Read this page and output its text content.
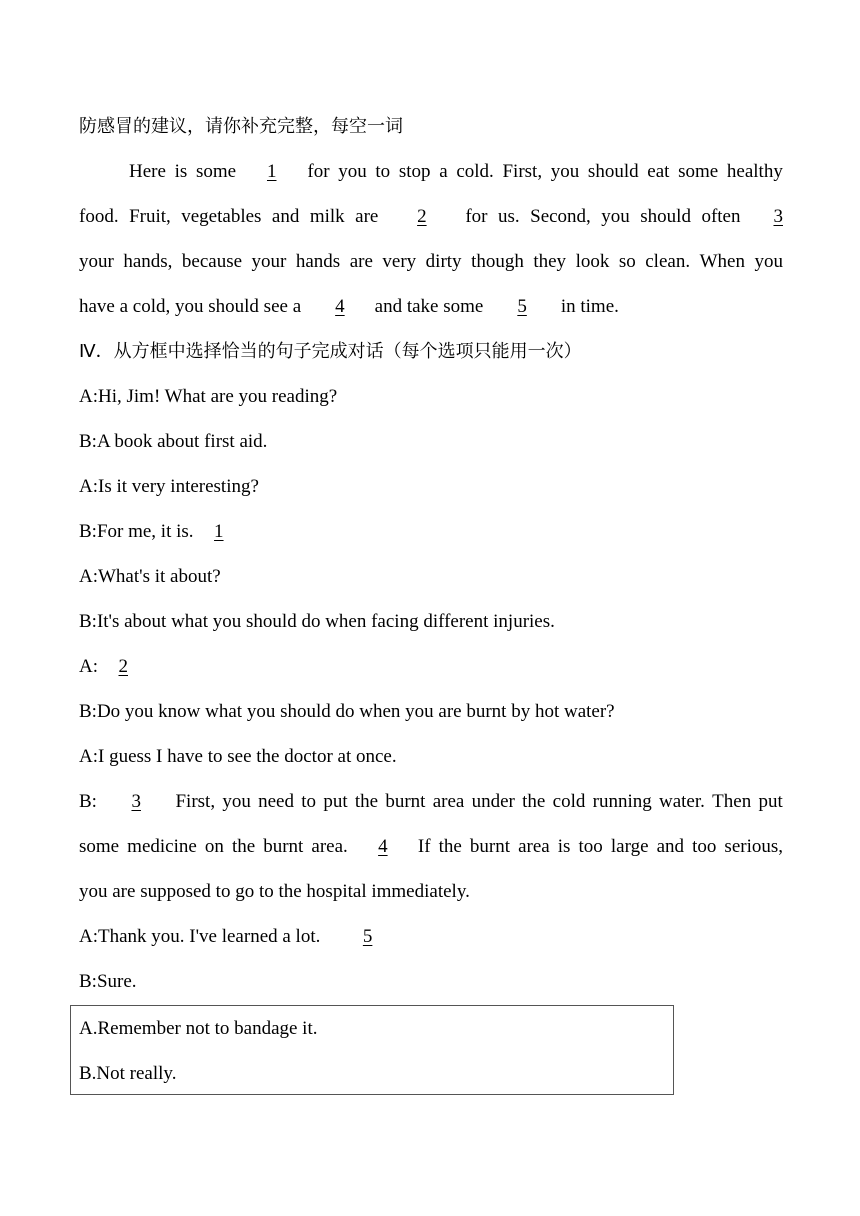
防感冒的建议，请你补充完整，每空一词
Here is some	1	for you to stop a cold. First, you should eat some healthy
food. Fruit, vegetables and milk are	2	for us. Second, you should often	3
your hands, because your hands are very dirty though they look so clean. When you
have a cold, you should see a 4 and take some 5 in time.
Ⅳ．从方框中选择恰当的句子完成对话（每个选项只能用一次）
A:Hi, Jim! What are you reading?
B:A book about first aid.
A:Is it very interesting?
B:For me, it is. 1
A:What's it about?
B:It's about what you should do when facing different injuries.
A: 2
B:Do you know what you should do when you are burnt by hot water?
A:I guess I have to see the doctor at once.
B:	3	First, you need to put the burnt area under the cold running water. Then put
some medicine on the burnt area.	4	If the burnt area is too large and too serious,
you are supposed to go to the hospital immediately.
A:Thank you. I've learned a lot. 5
B:Sure.
A.Remember not to bandage it.
B.Not really.
